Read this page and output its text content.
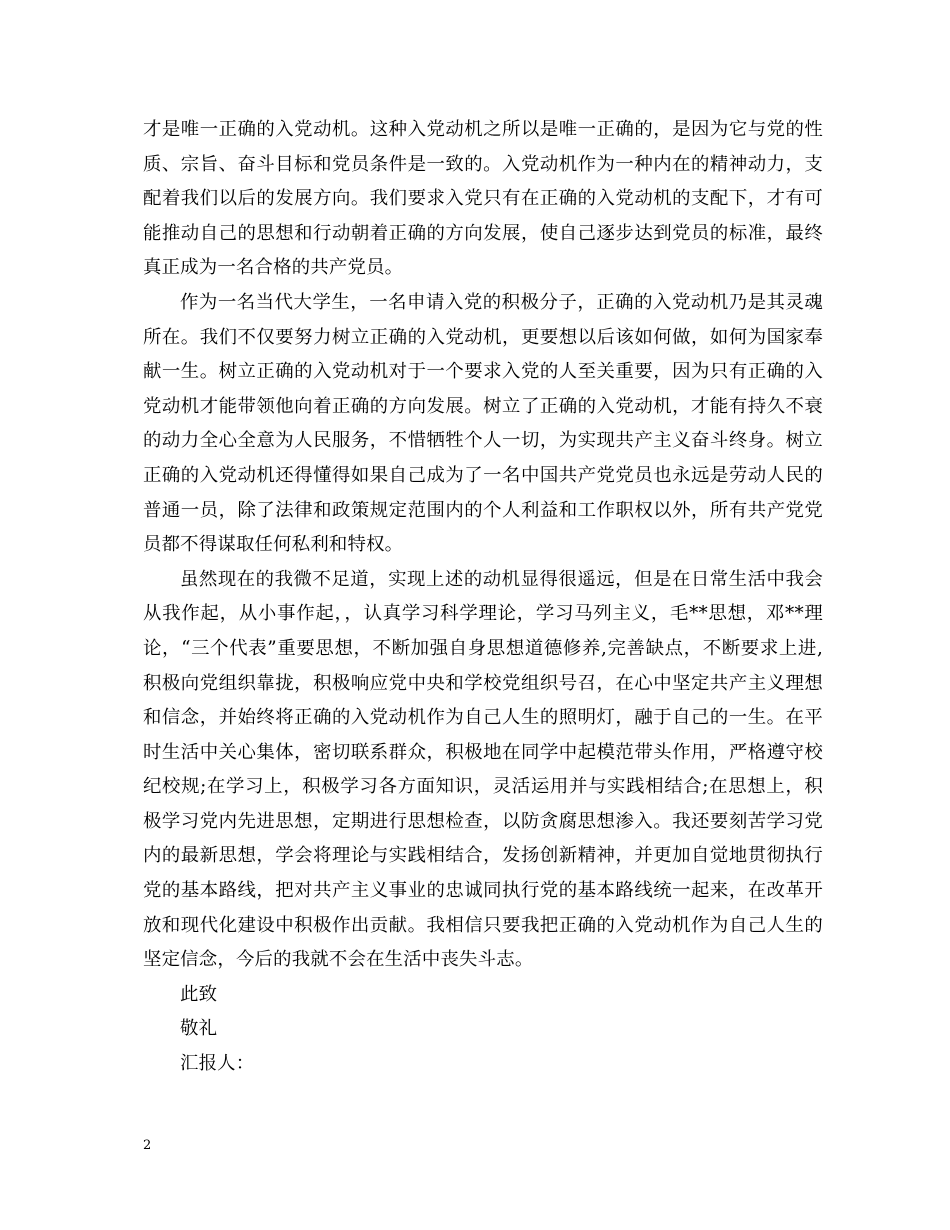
才是唯一正确的入党动机。这种入党动机之所以是唯一正确的，是因为它与党的性质、宗旨、奋斗目标和党员条件是一致的。入党动机作为一种内在的精神动力，支配着我们以后的发展方向。我们要求入党只有在正确的入党动机的支配下，才有可能推动自己的思想和行动朝着正确的方向发展，使自己逐步达到党员的标准，最终真正成为一名合格的共产党员。

作为一名当代大学生，一名申请入党的积极分子，正确的入党动机乃是其灵魂所在。我们不仅要努力树立正确的入党动机，更要想以后该如何做，如何为国家奉献一生。树立正确的入党动机对于一个要求入党的人至关重要，因为只有正确的入党动机才能带领他向着正确的方向发展。树立了正确的入党动机，才能有持久不衰的动力全心全意为人民服务，不惜牺牲个人一切，为实现共产主义奋斗终身。树立正确的入党动机还得懂得如果自己成为了一名中国共产党党员也永远是劳动人民的普通一员，除了法律和政策规定范围内的个人利益和工作职权以外，所有共产党党员都不得谋取任何私利和特权。

虽然现在的我微不足道，实现上述的动机显得很遥远，但是在日常生活中我会从我作起，从小事作起，，认真学习科学理论，学习马列主义，毛**思想，邓**理论，“三个代表”重要思想，不断加强自身思想道德修养,完善缺点，不断要求上进,积极向党组织靠拢，积极响应党中央和学校党组织号召，在心中坚定共产主义理想和信念，并始终将正确的入党动机作为自己人生的照明灯，融于自己的一生。在平时生活中关心集体，密切联系群众，积极地在同学中起模范带头作用，严格遵守校纪校规;在学习上，积极学习各方面知识，灵活运用并与实践相结合;在思想上，积极学习党内先进思想，定期进行思想检查，以防贪腐思想渗入。我还要刻苦学习党内的最新思想，学会将理论与实践相结合，发扬创新精神，并更加自觉地贯彻执行党的基本路线，把对共产主义事业的忠诚同执行党的基本路线统一起来，在改革开放和现代化建设中积极作出贡献。我相信只要我把正确的入党动机作为自己人生的坚定信念，今后的我就不会在生活中丧失斗志。

此致

敬礼

汇报人：

2
